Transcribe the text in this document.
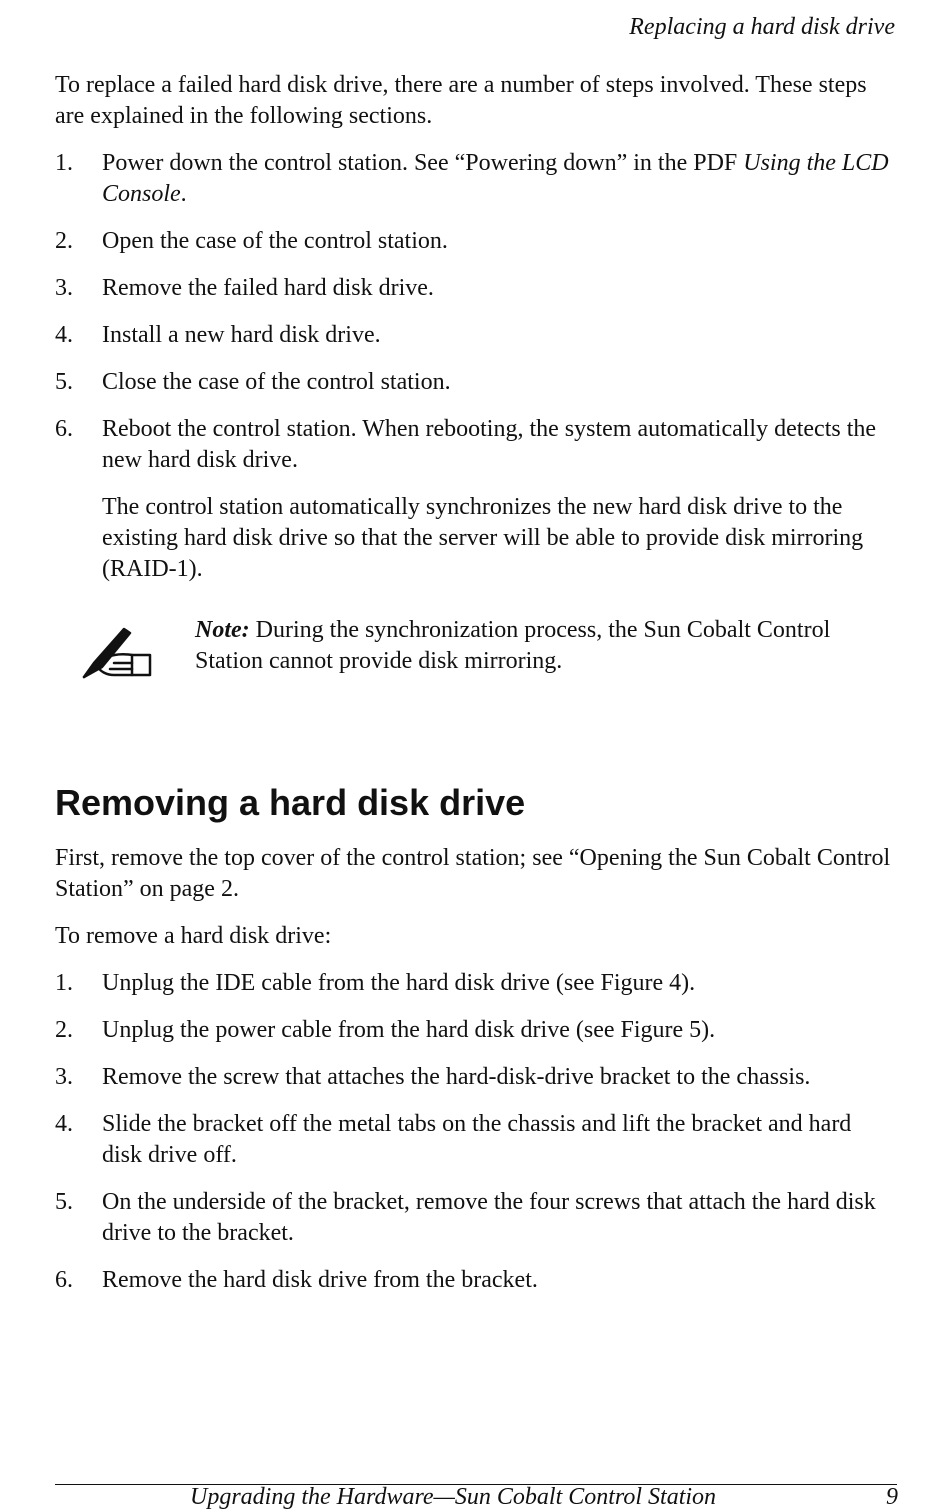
Replacing a hard disk drive

To replace a failed hard disk drive, there are a number of steps involved. These steps are explained in the following sections.

1. Power down the control station. See “Powering down” in the PDF Using the LCD Console.
2. Open the case of the control station.
3. Remove the failed hard disk drive.
4. Install a new hard disk drive.
5. Close the case of the control station.
6. Reboot the control station. When rebooting, the system automatically detects the new hard disk drive.

The control station automatically synchronizes the new hard disk drive to the existing hard disk drive so that the server will be able to provide disk mirroring (RAID-1).

Note: During the synchronization process, the Sun Cobalt Control Station cannot provide disk mirroring.

Removing a hard disk drive

First, remove the top cover of the control station; see “Opening the Sun Cobalt Control Station” on page 2.

To remove a hard disk drive:

1. Unplug the IDE cable from the hard disk drive (see Figure 4).
2. Unplug the power cable from the hard disk drive (see Figure 5).
3. Remove the screw that attaches the hard-disk-drive bracket to the chassis.
4. Slide the bracket off the metal tabs on the chassis and lift the bracket and hard disk drive off.
5. On the underside of the bracket, remove the four screws that attach the hard disk drive to the bracket.
6. Remove the hard disk drive from the bracket.
Upgrading the Hardware—Sun Cobalt Control Station	9
